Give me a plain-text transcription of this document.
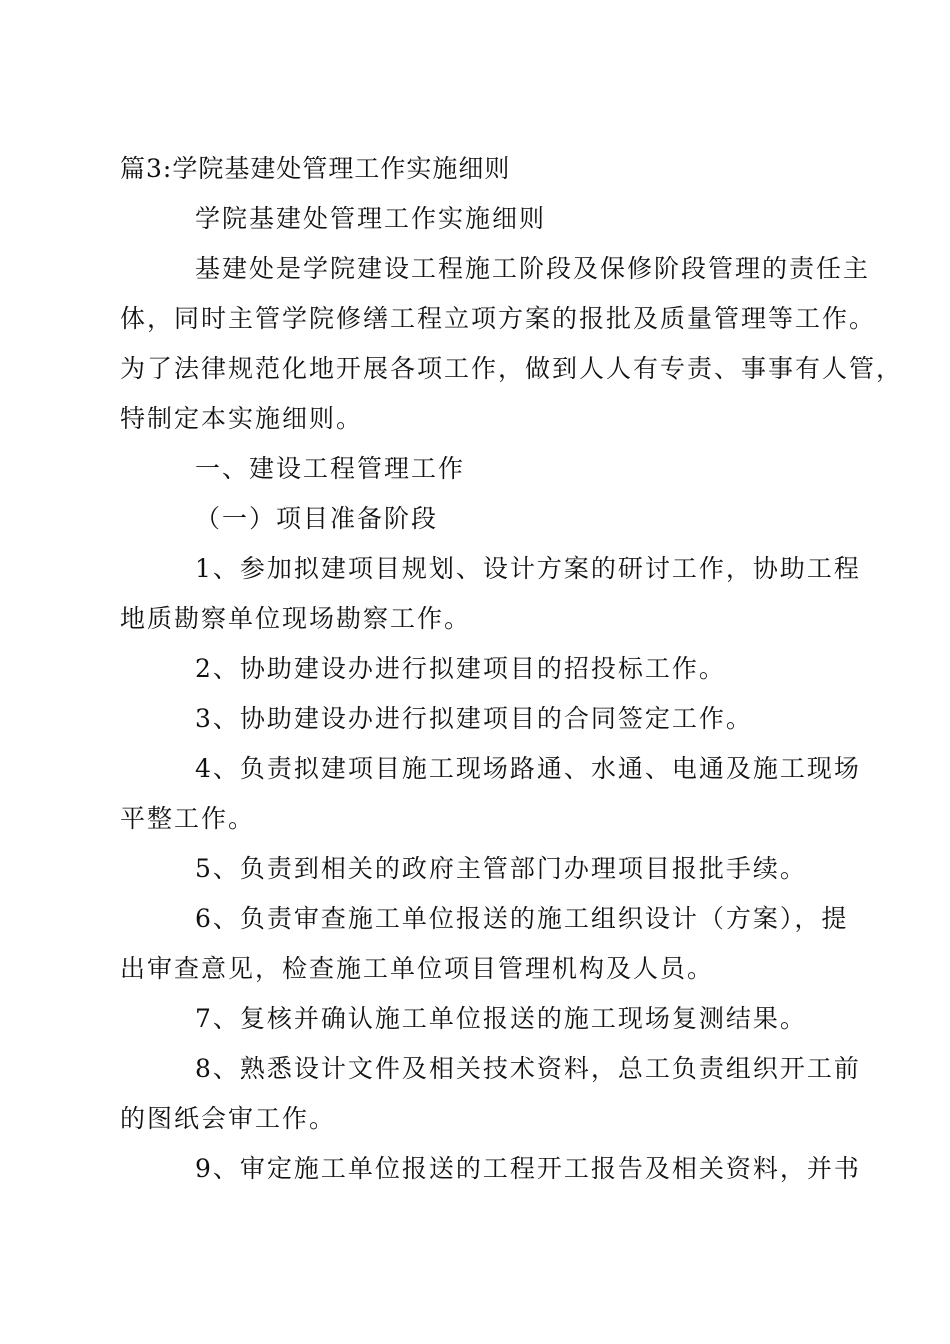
篇3:学院基建处管理工作实施细则
学院基建处管理工作实施细则
基建处是学院建设工程施工阶段及保修阶段管理的责任主
体，同时主管学院修缮工程立项方案的报批及质量管理等工作。
为了法律规范化地开展各项工作，做到人人有专责、事事有人管，
特制定本实施细则。
一、建设工程管理工作
（一）项目准备阶段
1、参加拟建项目规划、设计方案的研讨工作，协助工程
地质勘察单位现场勘察工作。
2、协助建设办进行拟建项目的招投标工作。
3、协助建设办进行拟建项目的合同签定工作。
4、负责拟建项目施工现场路通、水通、电通及施工现场
平整工作。
5、负责到相关的政府主管部门办理项目报批手续。
6、负责审查施工单位报送的施工组织设计（方案），提
出审查意见，检查施工单位项目管理机构及人员。
7、复核并确认施工单位报送的施工现场复测结果。
8、熟悉设计文件及相关技术资料，总工负责组织开工前
的图纸会审工作。
9、审定施工单位报送的工程开工报告及相关资料，并书
